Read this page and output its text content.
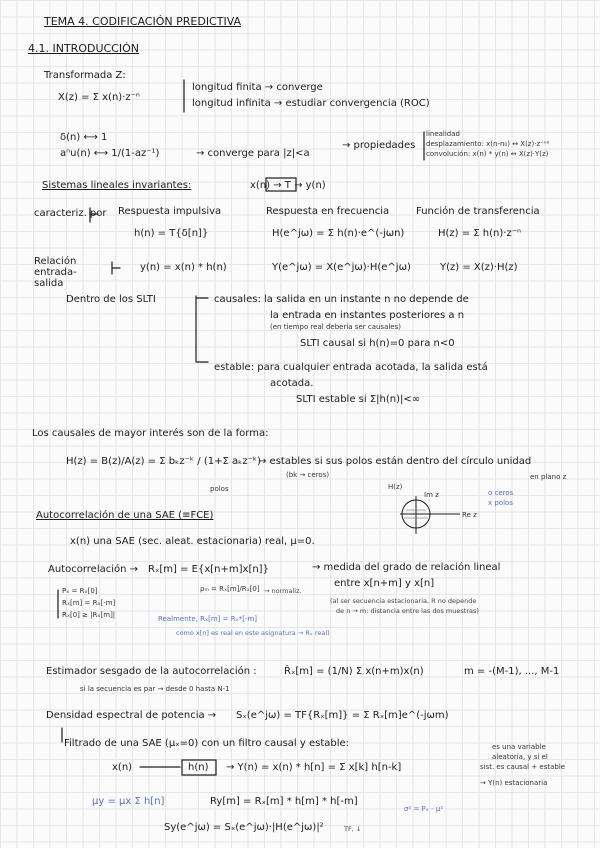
TEMA 4. CODIFICACIÓN PREDICTIVA
4.1. INTRODUCCIÓN
Transformada Z:
X(z) = Σ x(n)·z⁻ⁿ
longitud finita → converge
longitud infinita → estudiar convergencia (ROC)
δ(n) ⟷ 1
aⁿu(n) ⟷ 1/(1-az⁻¹)	→ converge para |z|<a
→ propiedades
linealidad
desplazamiento: x(n-n₀) ↔ X(z)·z⁻ⁿ⁰
convolución: x(n) * y(n) ↔ X(z)·Y(z)
Sistemas lineales invariantes:	x(n) → T → y(n)
caracteriz. por Respuesta impulsiva	Respuesta en frecuencia	Función de transferencia
h(n) = T{δ[n]}	H(e^jω) = Σ h(n)·e^(-jωn)	H(z) = Σ h(n)·z⁻ⁿ
Relación entrada-salida
y(n) = x(n) * h(n)	Y(e^jω) = X(e^jω)·H(e^jω)	Y(z) = X(z)·H(z)
Dentro de los SLTI	causales: la salida en un instante n no depende de
la entrada en instantes posteriores a n
(en tiempo real debería ser causales)
SLTI causal si h(n)=0 para n<0
estable: para cualquier entrada acotada, la salida está
acotada.
SLTI estable si Σ|h(n)|<∞
Los causales de mayor interés son de la forma:
H(z) = B(z)/A(z) = Σ bₖz⁻ᵏ / (1+Σ aₖz⁻ᵏ)
→ estables si sus polos están dentro del círculo unidad
(bk → ceros)
polos
en plano z
H(z)
Im z
Re z
o ceros
x polos
Autocorrelación de una SAE (≡FCE)
x(n) una SAE (sec. aleat. estacionaria) real, μ=0.
Autocorrelación → Rₓ[m] = E{x[n+m]x[n]}	→ medida del grado de relación lineal
entre x[n+m] y x[n]
ρₘ = Rₓ[m]/Rₓ[0] → normaliz.
Pₓ = Rₓ[0]
Rₓ[m] = Rₓ[-m]
Rₓ[0] ≥ |Rₓ[m]|
(al ser secuencia estacionaria, R no depende
de n → m: distancia entre las dos muestras)
Realmente, Rₓ[m] = Rₓ*[-m]
como x[n] es real en este asignatura → Rₓ real)
Estimador sesgado de la autocorrelación :	R̂ₓ[m] = (1/N) Σ x(n+m)x(n)	m = -(M-1), ..., M-1
si la secuencia es par → desde 0 hasta N-1
Densidad espectral de potencia → Sₓ(e^jω) = TF{Rₓ[m]} = Σ Rₓ[m]e^(-jωm)
Filtrado de una SAE (μₓ=0) con un filtro causal y estable:
x(n)	h(n) → Y(n) = x(n) * h[n] = Σ x[k] h[n-k]
es una variable
aleatoria, y si el
sist. es causal + estable
→ Y(n) estacionaria
μy = μx Σ h[n]	Ry[m] = Rₓ[m] * h[m] * h[-m]
Sy(e^jω) = Sₓ(e^jω)·|H(e^jω)|²	TF, ↓
σ² = Pₓ - μ²
